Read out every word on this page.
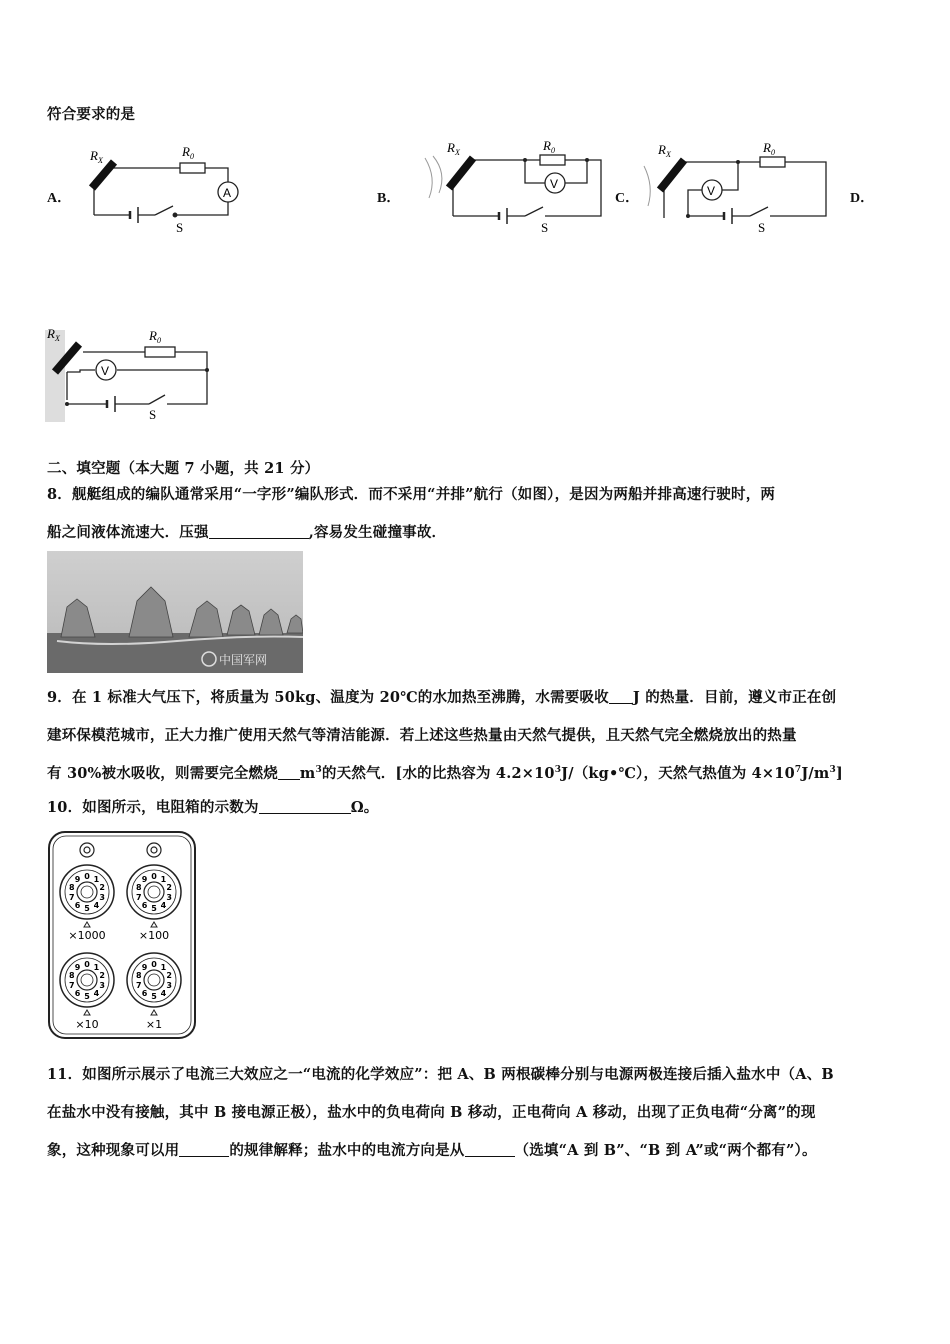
符合要求的是
A．	B．	C．	D．
$R_X$
$R_0$
A
S
$R_X$	$R_0$
V
S
$R_X$	$R_0$
V
S
$R_X$	$R_0$
V
S
二、填空题（本大题 7 小题，共 21 分）
8．舰艇组成的编队通常采用“一字形”编队形式．而不采用“并排”航行（如图），是因为两船并排高速行驶时，两
船之间液体流速大．压强	,容易发生碰撞事故．
中国军网
9．在 1 标准大气压下，将质量为 50kg、温度为 20℃的水加热至沸腾，水需要吸收 J 的热量．目前，遵义市正在创
建环保模范城市，正大力推广使用天然气等清洁能源．若上述这些热量由天然气提供，且天然气完全燃烧放出的热量
有 30%被水吸收，则需要完全燃烧 $m^3$的天然气．[水的比热容为 $4.2\times 10^3J/(kg•℃)$，天然气热值为 $4\times 10^7J/m^3$]
10．如图所示，电阻箱的示数为	Ω。
0 1
2
3
4
5
6
7
8
9	0 1
2
3
4
5
6
7
8
9
0 1
2
3
4
5
6
7
8
9	0 1
2
3
4
5
6
7
8
9
×1000	×100
×10	×1
11．如图所示展示了电流三大效应之一“电流的化学效应”：把 A、B 两根碳棒分别与电源两极连接后插入盐水中（A、B
在盐水中没有接触，其中 B 接电源正极），盐水中的负电荷向 B 移动，正电荷向 A 移动，出现了正负电荷“分离”的现
象，这种现象可以用	的规律解释；盐水中的电流方向是从	（选填“A 到 B”、“B 到 A”或“两个都有”）。
